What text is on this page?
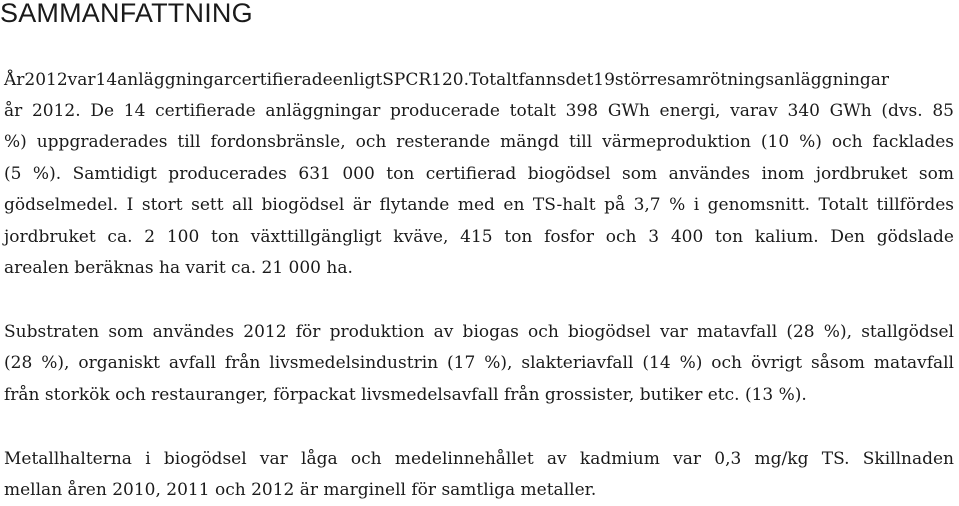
SAMMANFATTNING
År2012var14anläggningarcertifieradeenligtSPCR120.Totaltfannsdet19störresamrötningsanläggningar
år 2012. De 14 certifierade anläggningar producerade totalt 398 GWh energi, varav 340 GWh (dvs. 85
%) uppgraderades till fordonsbränsle, och resterande mängd till värmeproduktion (10 %) och facklades
(5 %). Samtidigt producerades 631 000 ton certifierad biogödsel som användes inom jordbruket som
gödselmedel. I stort sett all biogödsel är flytande med en TS-halt på 3,7 % i genomsnitt. Totalt tillfördes
jordbruket ca. 2 100 ton växttillgängligt kväve, 415 ton fosfor och 3 400 ton kalium. Den gödslade
arealen beräknas ha varit ca. 21 000 ha.
Substraten som användes 2012 för produktion av biogas och biogödsel var matavfall (28 %), stallgödsel
(28 %), organiskt avfall från livsmedelsindustrin (17 %), slakteriavfall (14 %) och övrigt såsom matavfall
från storkök och restauranger, förpackat livsmedelsavfall från grossister, butiker etc. (13 %).
Metallhalterna i biogödsel var låga och medelinnehållet av kadmium var 0,3 mg/kg TS. Skillnaden
mellan åren 2010, 2011 och 2012 är marginell för samtliga metaller.
